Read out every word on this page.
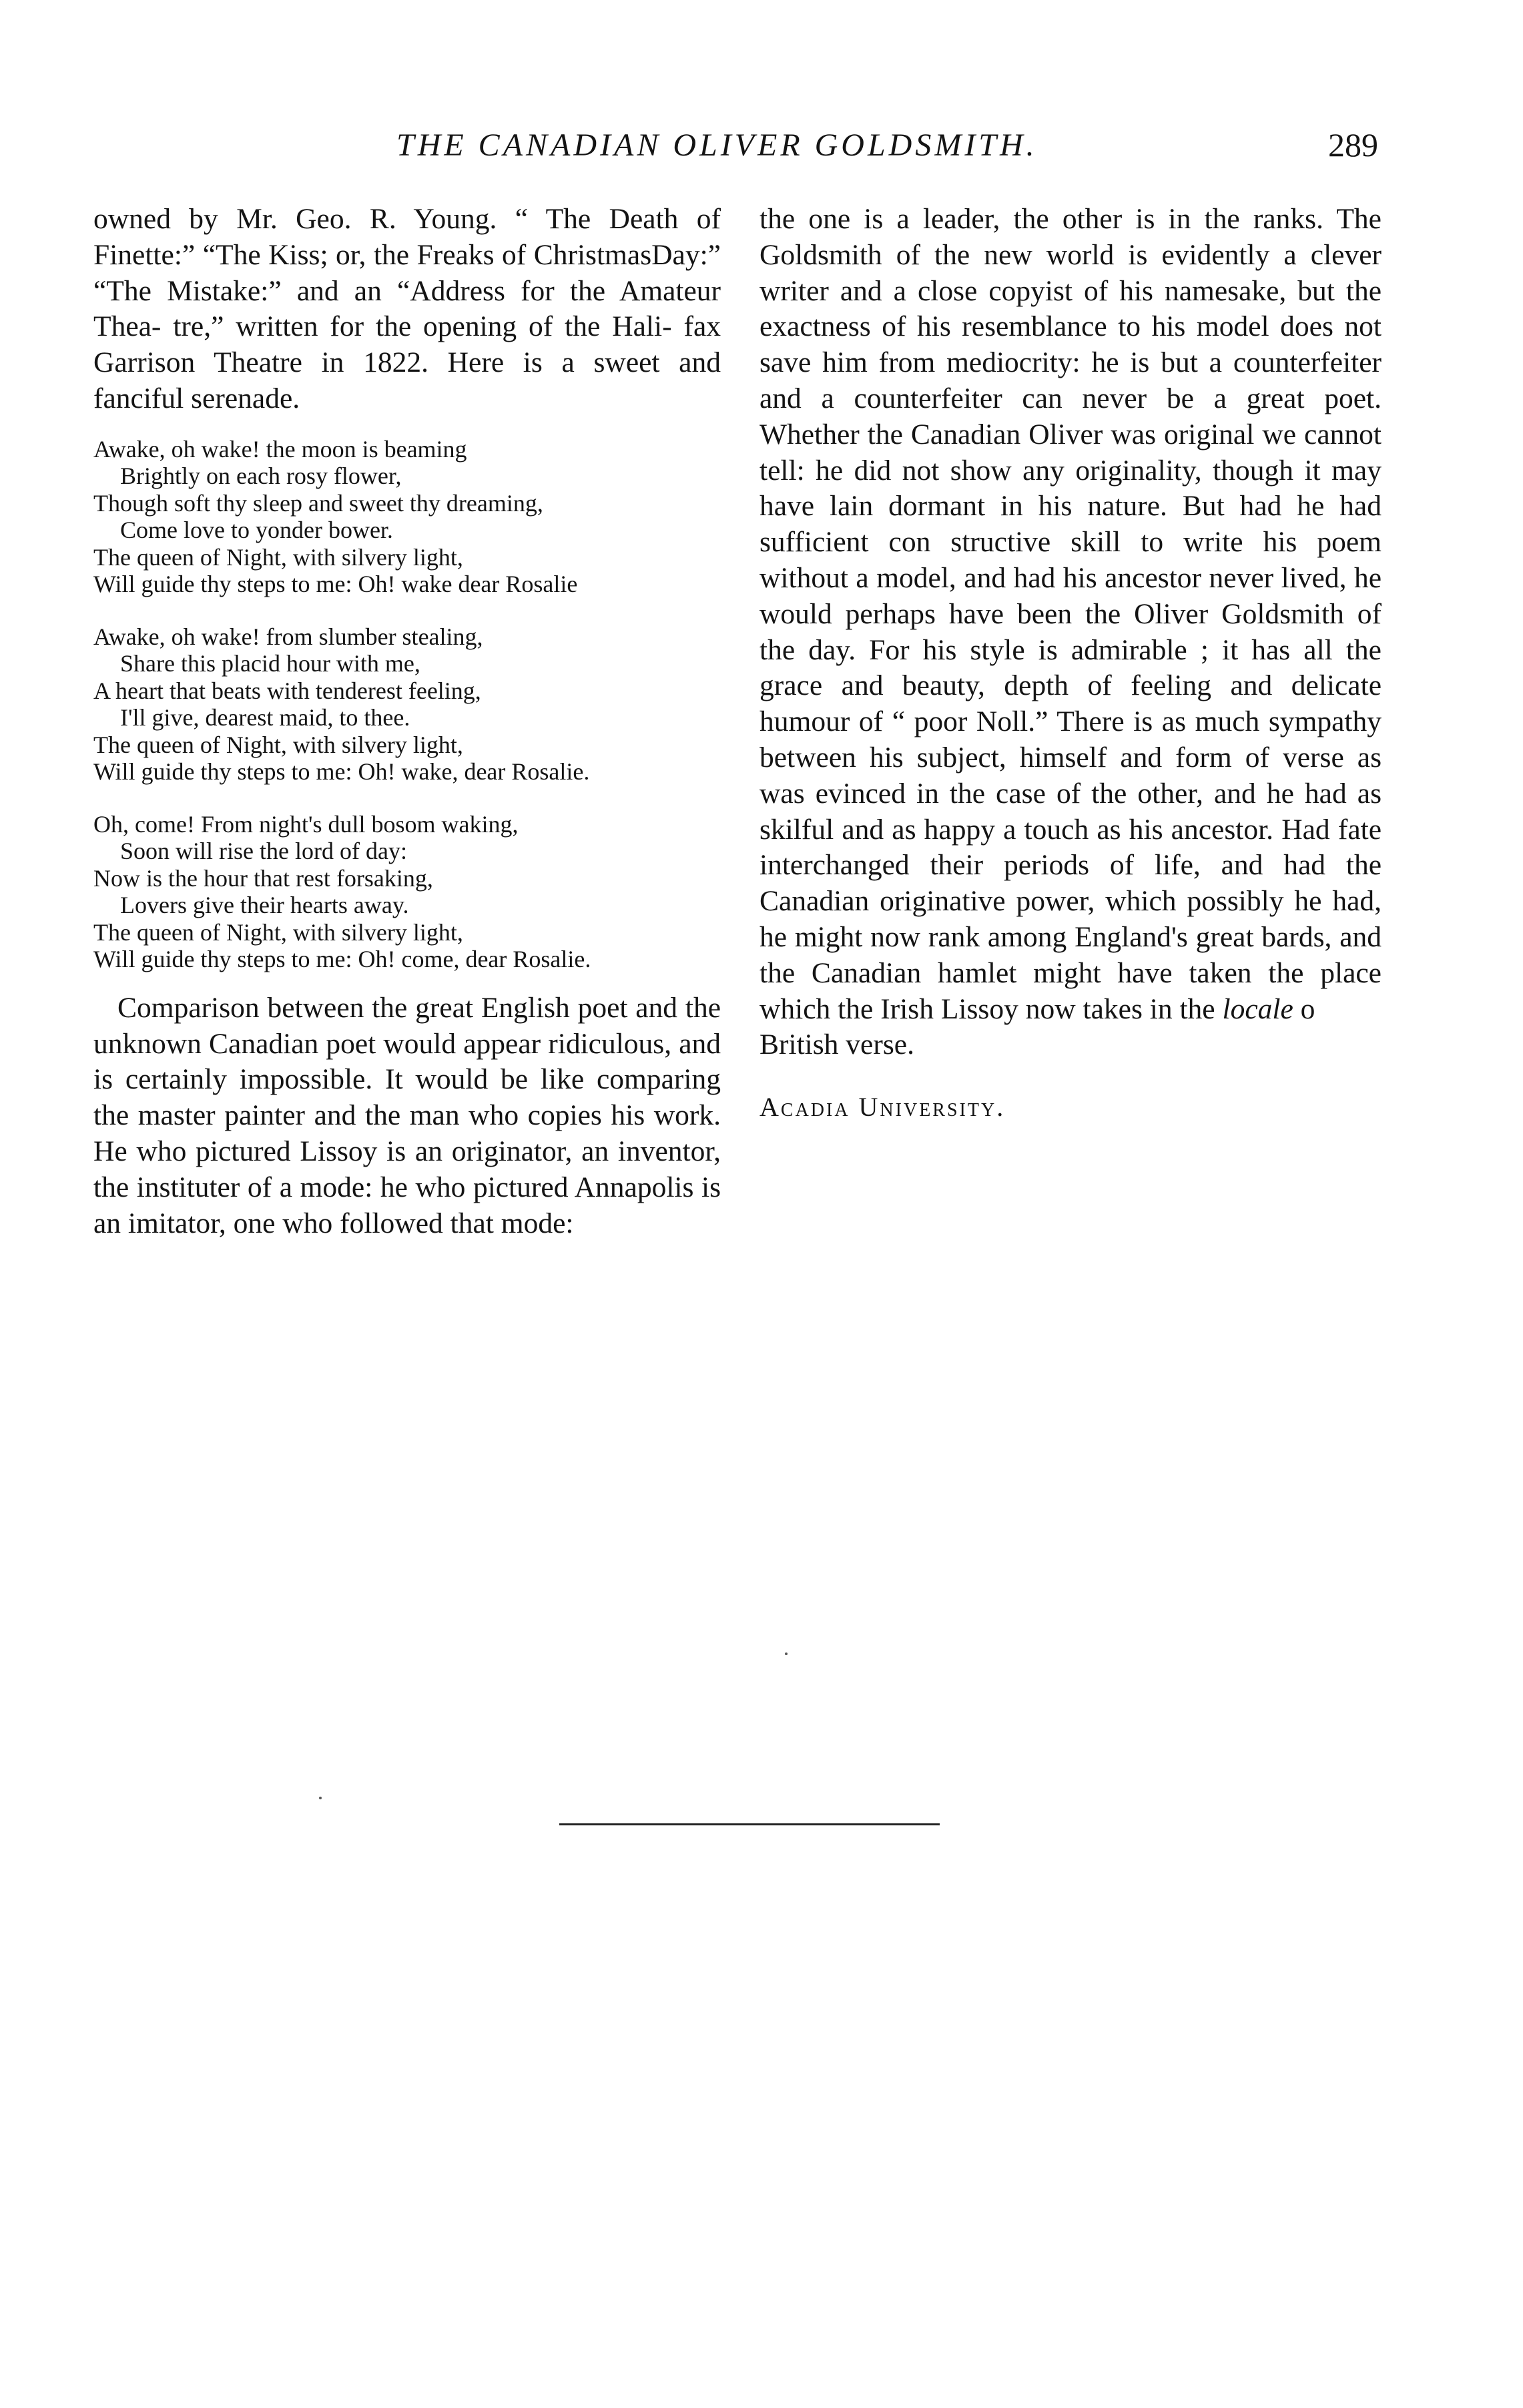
THE CANADIAN OLIVER GOLDSMITH.	289

owned by Mr. Geo. R. Young. “ The Death of Finette:” “The Kiss; or, the Freaks of ChristmasDay:” “The Mistake:” and an “Address for the Amateur Thea- tre,” written for the opening of the Hali- fax Garrison Theatre in 1822. Here is a sweet and fanciful serenade.

Awake, oh wake! the moon is beaming
Brightly on each rosy flower,
Though soft thy sleep and sweet thy dreaming,
Come love to yonder bower.
The queen of Night, with silvery light,
Will guide thy steps to me: Oh! wake dear Rosalie
Awake, oh wake! from slumber stealing,
Share this placid hour with me,
A heart that beats with tenderest feeling,
I'll give, dearest maid, to thee.
The queen of Night, with silvery light,
Will guide thy steps to me: Oh! wake, dear Rosalie.
Oh, come! From night's dull bosom waking,
Soon will rise the lord of day:
Now is the hour that rest forsaking,
Lovers give their hearts away.
The queen of Night, with silvery light,
Will guide thy steps to me: Oh! come, dear Rosalie.

Comparison between the great English poet and the unknown Canadian poet would appear ridiculous, and is certainly impossible. It would be like comparing the master painter and the man who copies his work. He who pictured Lissoy is an originator, an inventor, the instituter of a mode: he who pictured Annapolis is an imitator, one who followed that mode:

the one is a leader, the other is in the ranks. The Goldsmith of the new world is evidently a clever writer and a close copyist of his namesake, but the exactness of his resemblance to his model does not save him from mediocrity: he is but a counterfeiter and a counterfeiter can never be a great poet. Whether the Canadian Oliver was original we cannot tell: he did not show any originality, though it may have lain dormant in his nature. But had he had sufficient con structive skill to write his poem without a model, and had his ancestor never lived, he would perhaps have been the Oliver Goldsmith of the day. For his style is admirable ; it has all the grace and beauty, depth of feeling and delicate humour of “ poor Noll.” There is as much sympathy between his subject, himself and form of verse as was evinced in the case of the other, and he had as skilful and as happy a touch as his ancestor. Had fate interchanged their periods of life, and had the Canadian originative power, which possibly he had, he might now rank among England's great bards, and the Canadian hamlet might have taken the place which the Irish Lissoy now takes in the locale o

British verse.

Acadia University.
